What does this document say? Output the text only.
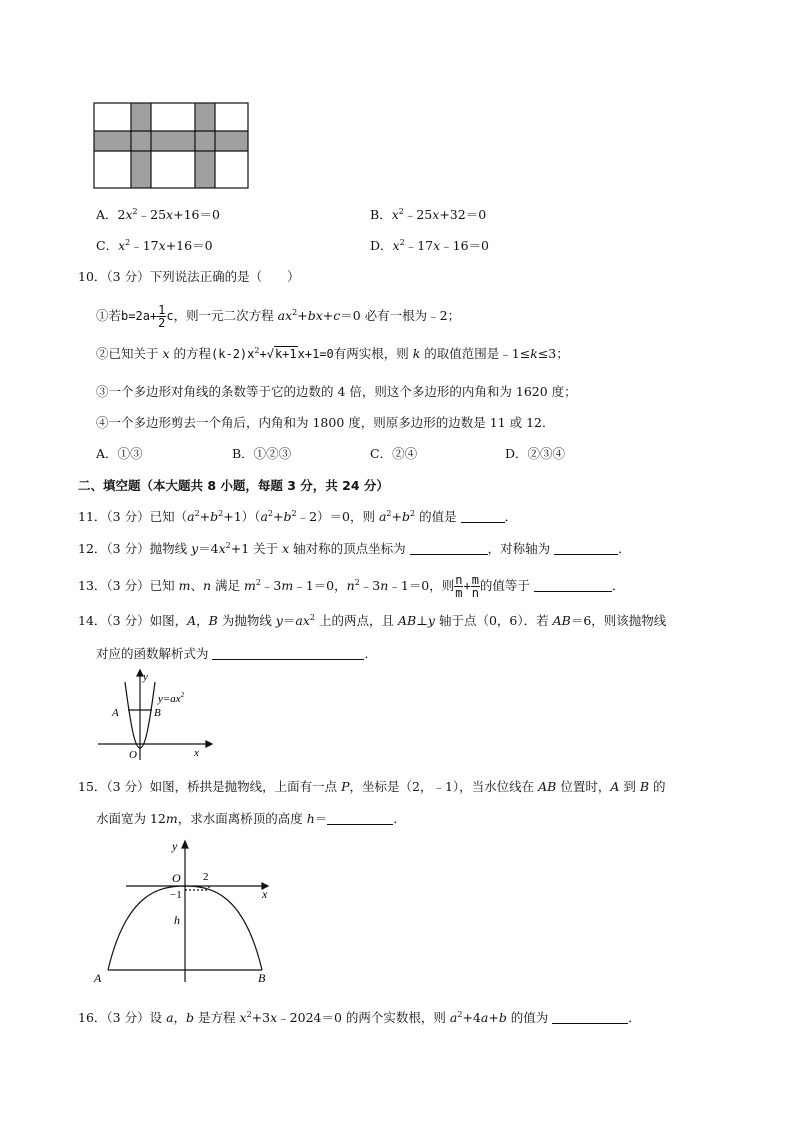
A．$2x^2﹣25x+16=0$	B．$x^2﹣25x+32=0$
C．$x^2﹣17x+16=0$	D．$x^2﹣17x﹣16=0$
10．（3 分）下列说法正确的是（　　）
①若$b=2a+ \frac{1}{2}$ c，则一元二次方程 $ax^2+bx+c=0$ 必有一根为﹣2；
②已知关于 x 的方程$(k-2)x^2+√k+1x+1=0$有两实根，则 k 的取值范围是﹣1≤k≤3；
③一个多边形对角线的条数等于它的边数的 4 倍，则这个多边形的内角和为 1620 度；
④一个多边形剪去一个角后，内角和为 1800 度，则原多边形的边数是 11 或 12．
A．①③	B．①②③	C．②④	D．②③④
二、填空题（本大题共 8 小题，每题 3 分，共 24 分）
11．（3 分）已知$(a^2+b^2+1)(a^2+b^2﹣2)=0$，则 $a^2+b^2$ 的值是	．
12．（3 分）抛物线 $y=4x^2+1$ 关于 x 轴对称的顶点坐标为	，对称轴为	．
13．（3 分）已知 m、n 满足 $m^2﹣3m﹣1=0$，$n^2﹣3n﹣1=0$，则 $\frac{n}{m} + \frac{m}{n}$ 的值等于	．
14．（3 分）如图，A，B 为抛物线 $y=ax^2$ 上的两点，且 AB⊥y 轴于点（0，6）．若 AB＝6，则该抛物线
对应的函数解析式为	．
y
$y=ax^2$
A	B
O	x
15．（3 分）如图，桥拱是抛物线，上面有一点 P，坐标是（2，﹣1），当水位线在 AB 位置时，A 到 B 的
水面宽为 12m，求水面离桥顶的高度 h＝	．
y
O 2
x
−1
h
A	B
16．（3 分）设 a，b 是方程 $x^2+3x﹣2024=0$ 的两个实数根，则 $a^2+4a+b$ 的值为	．
